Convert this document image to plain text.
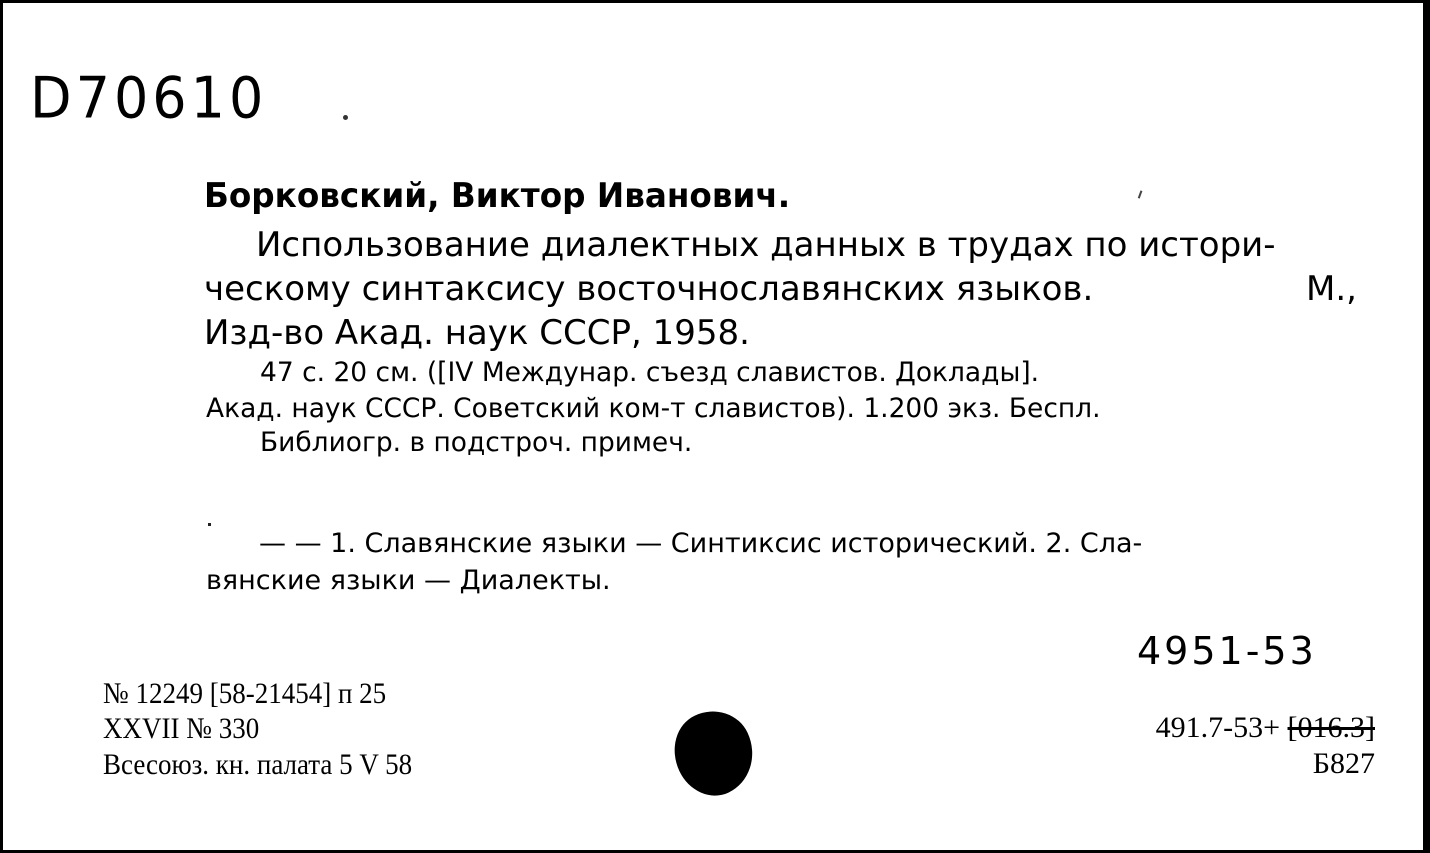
D70610
Борковский, Виктор Иванович.
Использование диалектных данных в трудах по истори-
ческому синтаксису восточнославянских языков.	М.,
Изд-во Акад. наук СССР, 1958.
47 с. 20 см. ([IV Междунар. съезд славистов. Доклады].
Акад. наук СССР. Советский ком-т славистов). 1.200 экз. Беспл.
Библиогр. в подстроч. примеч.
— — 1. Славянские языки — Синтиксис исторический. 2. Сла-
вянские языки — Диалекты.
№ 12249 [58-21454] п 25
XXVII № 330
Всесоюз. кн. палата 5 V 58
4951-53
491.7-53+ [016.3]
Б827
